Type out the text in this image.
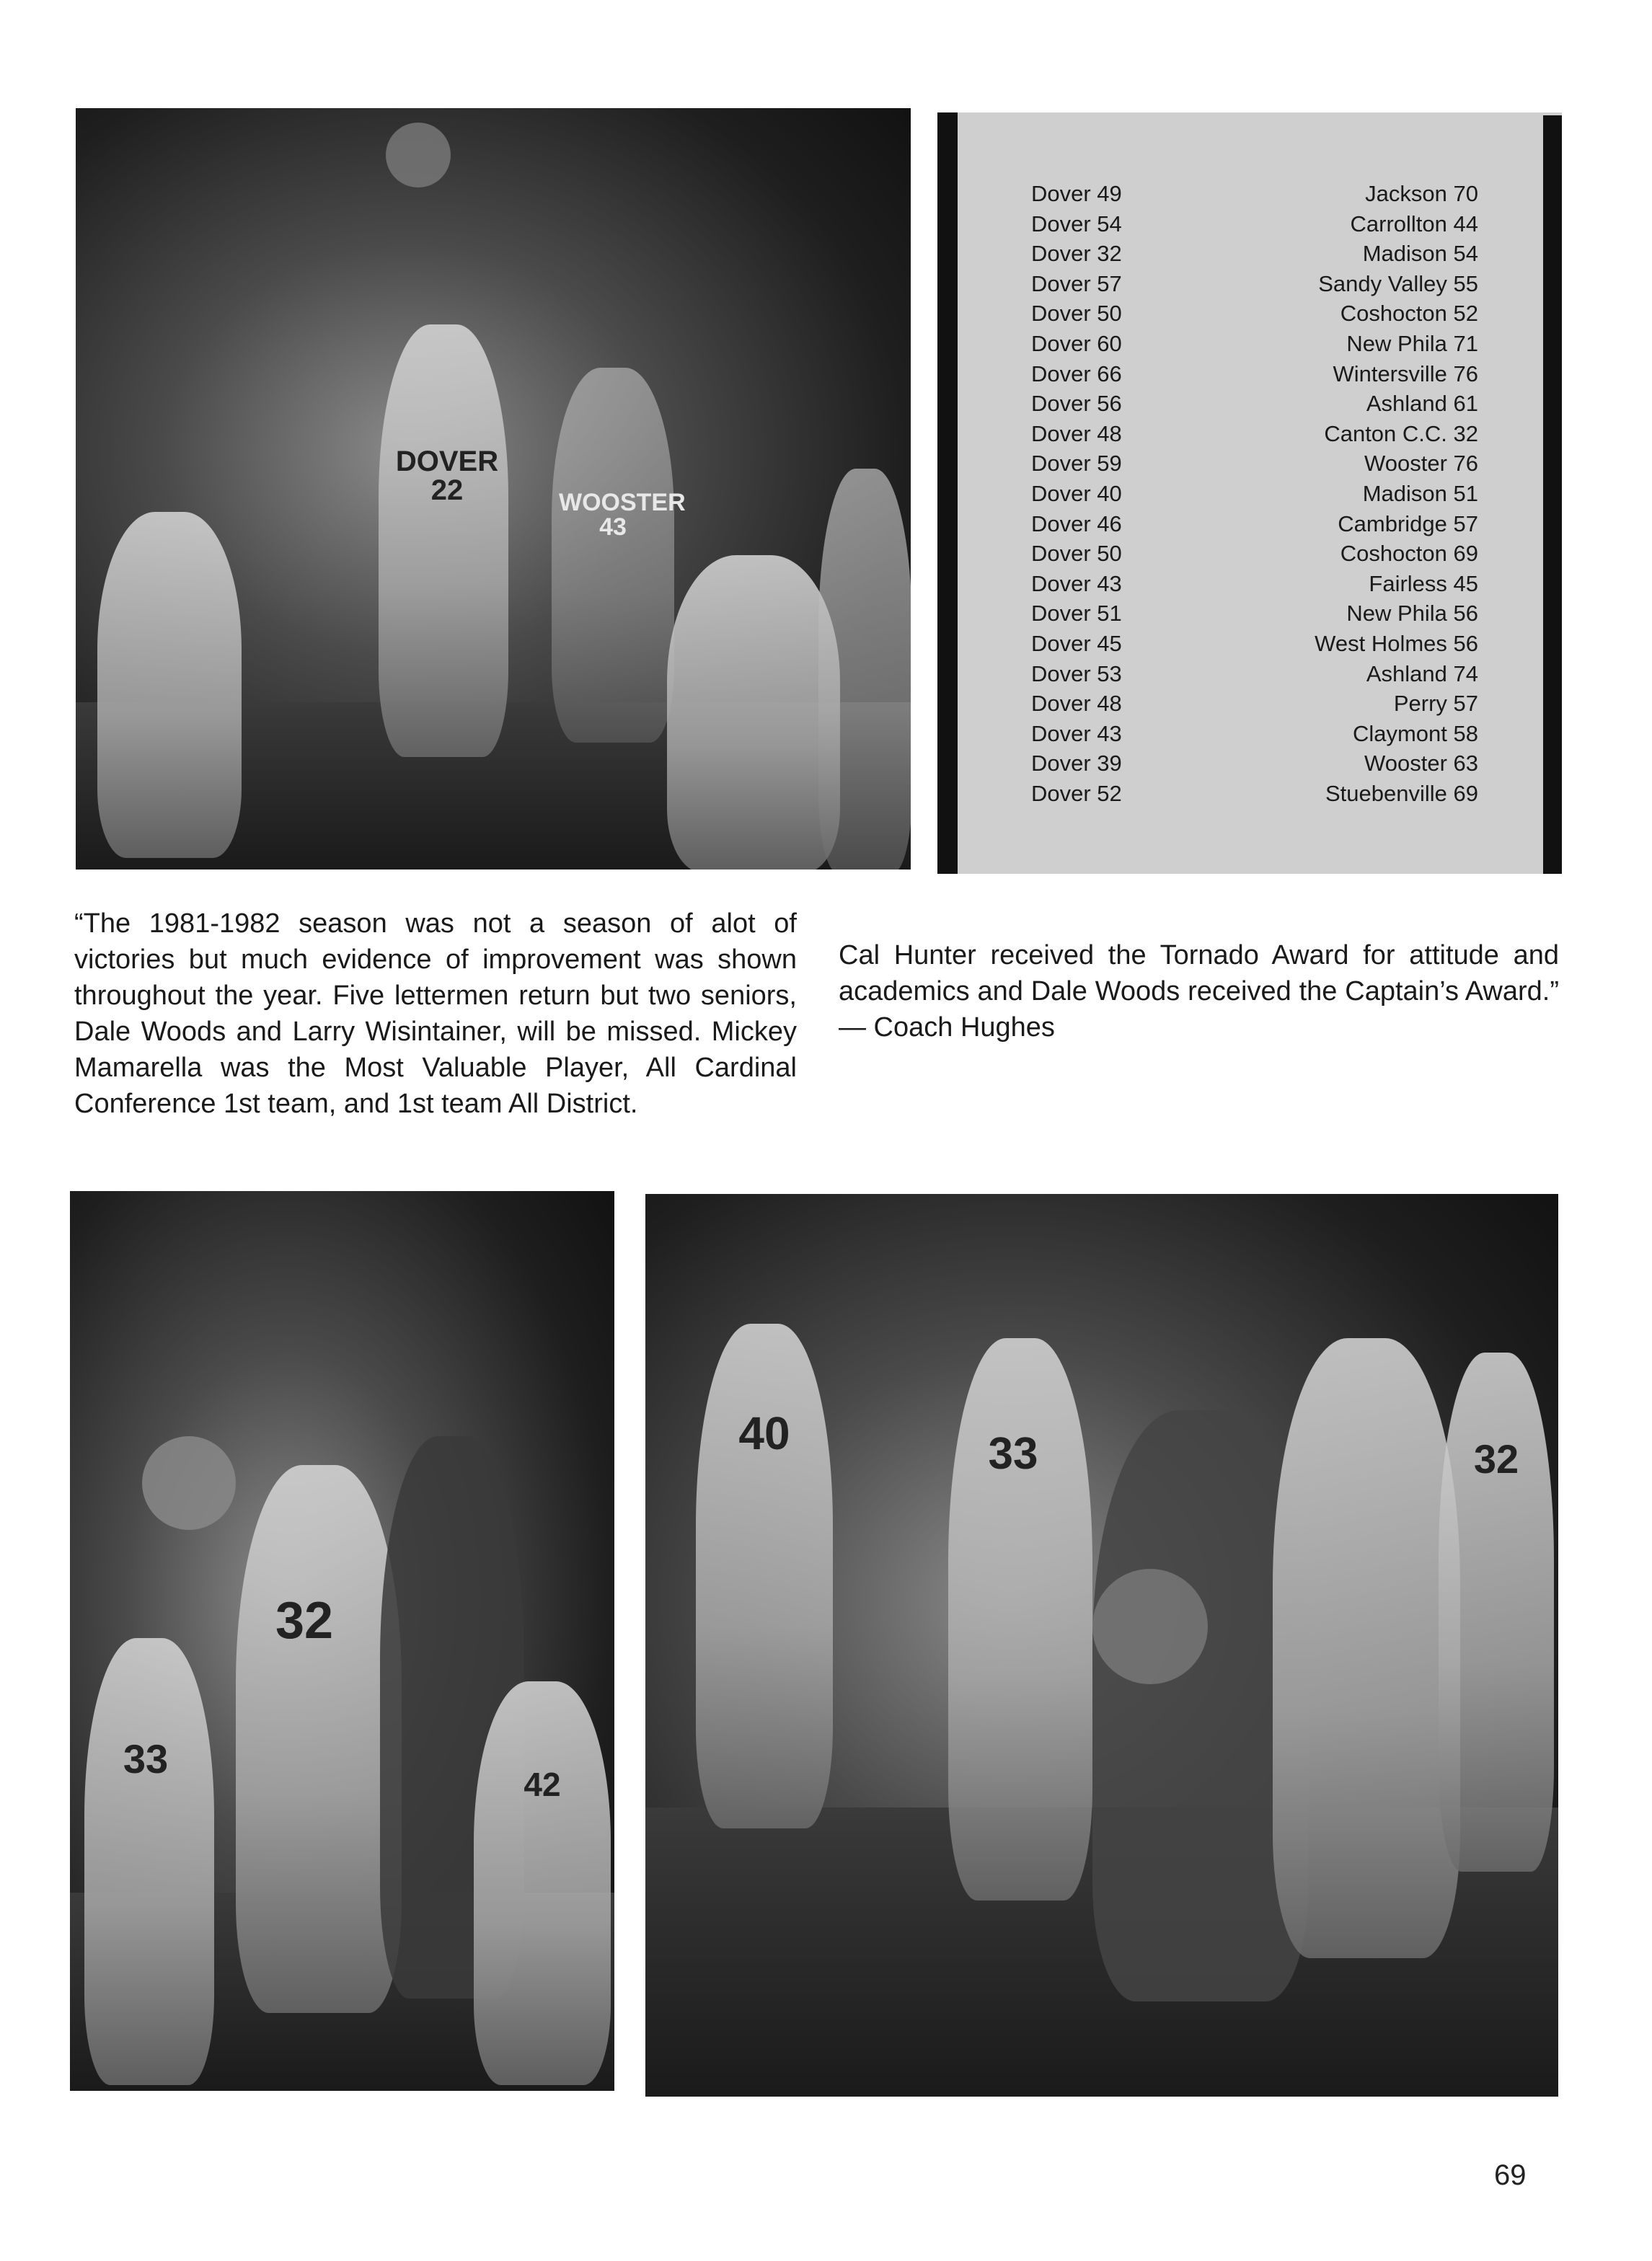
DOVER 22	WOOSTER 43
Dover 49	Jackson 70
Dover 54	Carrollton 44
Dover 32	Madison 54
Dover 57	Sandy Valley 55
Dover 50	Coshocton 52
Dover 60	New Phila 71
Dover 66	Wintersville 76
Dover 56	Ashland 61
Dover 48	Canton C.C. 32
Dover 59	Wooster 76
Dover 40	Madison 51
Dover 46	Cambridge 57
Dover 50	Coshocton 69
Dover 43	Fairless 45
Dover 51	New Phila 56
Dover 45	West Holmes 56
Dover 53	Ashland 74
Dover 48	Perry 57
Dover 43	Claymont 58
Dover 39	Wooster 63
Dover 52	Stuebenville 69
“The 1981-1982 season was not a season of alot of victories but much evidence of improvement was shown throughout the year. Five lettermen return but two seniors, Dale Woods and Larry Wisintainer, will be missed. Mickey Mamarella was the Most Valuable Player, All Cardinal Conference 1st team, and 1st team All District.
Cal Hunter received the Tornado Award for attitude and academics and Dale Woods received the Captain’s Award.” — Coach Hughes
32
33
42
40	33	32
69
